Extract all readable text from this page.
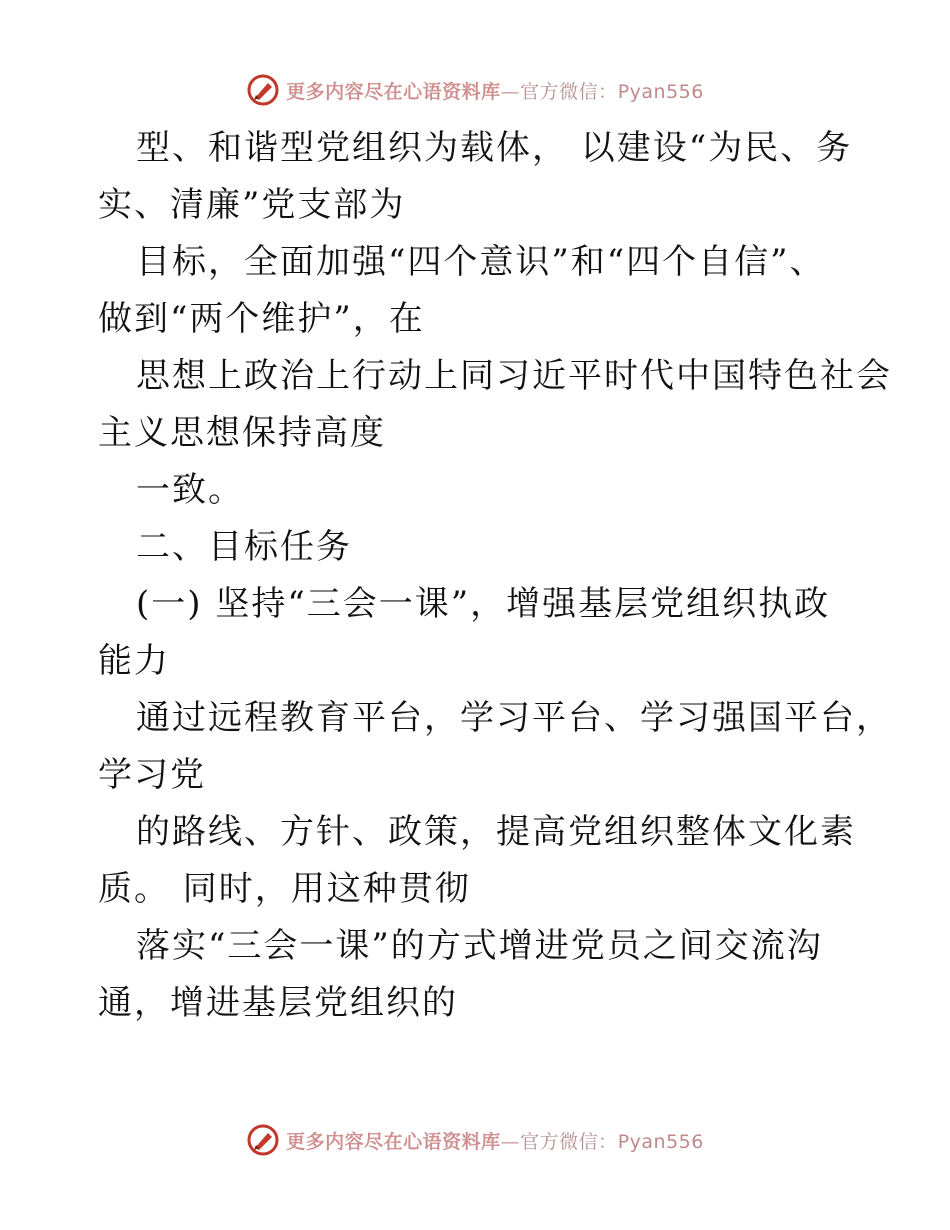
更多内容尽在心语资料库—官方微信：Pyan556
型、和谐型党组织为载体， 以建设“为民、务
实、清廉”党支部为
目标，全面加强“四个意识”和“四个自信”、
做到“两个维护”，在
思想上政治上行动上同习近平时代中国特色社会
主义思想保持高度
一致。
二、目标任务
(一) 坚持“三会一课”，增强基层党组织执政
能力
通过远程教育平台，学习平台、学习强国平台，
学习党
的路线、方针、政策，提高党组织整体文化素
质。 同时，用这种贯彻
落实“三会一课”的方式增进党员之间交流沟
通，增进基层党组织的
更多内容尽在心语资料库—官方微信：Pyan556
